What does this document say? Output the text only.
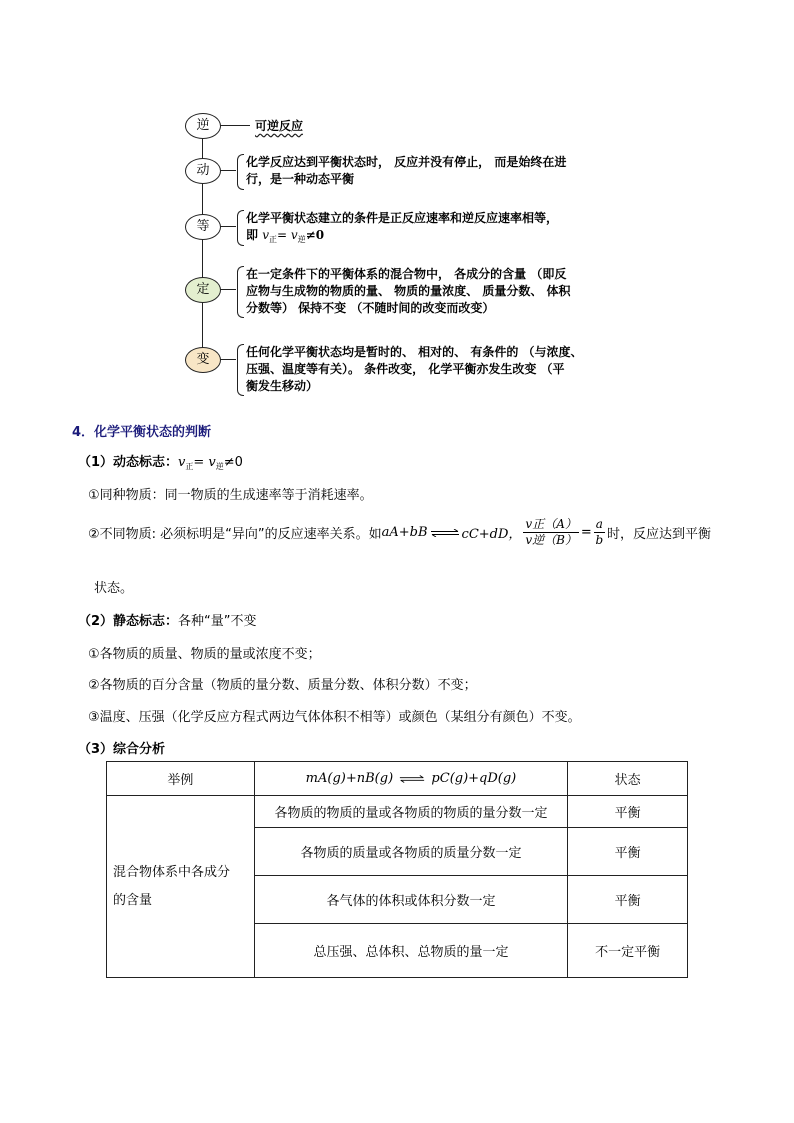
逆	可逆反应
动
化学反应达到平衡状态时， 反应并没有停止， 而是始终在进
行，是一种动态平衡
等
化学平衡状态建立的条件是正反应速率和逆反应速率相等，
即 $v_正= v_逆\ne 0$
定
在一定条件下的平衡体系的混合物中， 各成分的含量 （即反
应物与生成物的物质的量、 物质的量浓度、 质量分数、 体积
分数等） 保持不变 （不随时间的改变而改变）
变	任何化学平衡状态均是暂时的、 相对的、 有条件的 （与浓度、
压强、温度等有关）。 条件改变， 化学平衡亦发生改变 （平
衡发生移动）
4．化学平衡状态的判断
（1）动态标志：$v_正= v_逆\ne 0$
①同种物质：同一物质的生成速率等于消耗速率。
②不同物质: 必须标明是“异向”的反应速率关系。如 aA+bB ⇌ cC+dD， $\frac{\text{v正（A）}}{\text{v逆（B）}} = \frac{a}{b}$ 时，反应达到平衡
状态。
（2）静态标志：各种“量”不变
①各物质的质量、物质的量或浓度不变；
②各物质的百分含量（物质的量分数、质量分数、体积分数）不变；
③温度、压强（化学反应方程式两边气体体积不相等）或颜色（某组分有颜色）不变。
（3）综合分析
举例	mA(g)+nB(g) ⇌ pC(g)+qD(g)	状态

混合物体系中各成分
的含量	各物质的物质的量或各物质的物质的量分数一定	平衡
	各物质的质量或各物质的质量分数一定	平衡
	各气体的体积或体积分数一定	平衡
	总压强、总体积、总物质的量一定	不一定平衡
